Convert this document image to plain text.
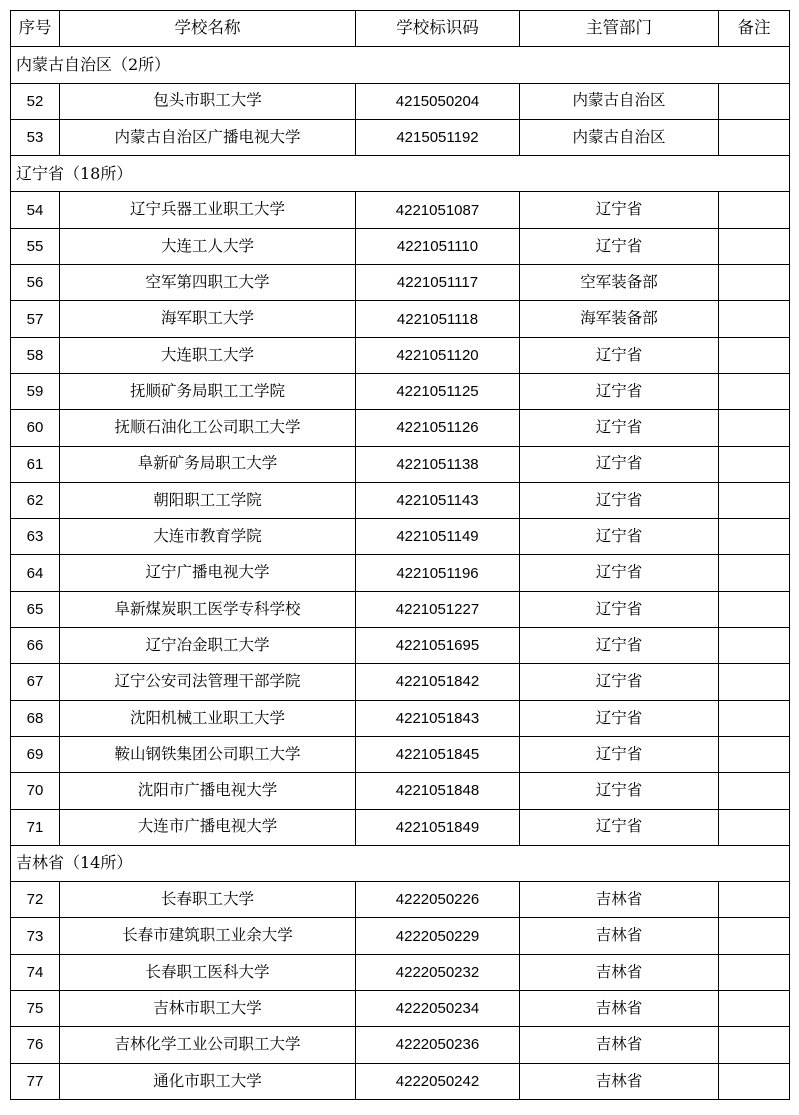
序号	学校名称	学校标识码	主管部门	备注
内蒙古自治区（2所）				
52	包头市职工大学	4215050204	内蒙古自治区	
53	内蒙古自治区广播电视大学	4215051192	内蒙古自治区	
辽宁省（18所）				
54	辽宁兵器工业职工大学	4221051087	辽宁省	
55	大连工人大学	4221051110	辽宁省	
56	空军第四职工大学	4221051117	空军装备部	
57	海军职工大学	4221051118	海军装备部	
58	大连职工大学	4221051120	辽宁省	
59	抚顺矿务局职工工学院	4221051125	辽宁省	
60	抚顺石油化工公司职工大学	4221051126	辽宁省	
61	阜新矿务局职工大学	4221051138	辽宁省	
62	朝阳职工工学院	4221051143	辽宁省	
63	大连市教育学院	4221051149	辽宁省	
64	辽宁广播电视大学	4221051196	辽宁省	
65	阜新煤炭职工医学专科学校	4221051227	辽宁省	
66	辽宁冶金职工大学	4221051695	辽宁省	
67	辽宁公安司法管理干部学院	4221051842	辽宁省	
68	沈阳机械工业职工大学	4221051843	辽宁省	
69	鞍山钢铁集团公司职工大学	4221051845	辽宁省	
70	沈阳市广播电视大学	4221051848	辽宁省	
71	大连市广播电视大学	4221051849	辽宁省	
吉林省（14所）				
72	长春职工大学	4222050226	吉林省	
73	长春市建筑职工业余大学	4222050229	吉林省	
74	长春职工医科大学	4222050232	吉林省	
75	吉林市职工大学	4222050234	吉林省	
76	吉林化学工业公司职工大学	4222050236	吉林省	
77	通化市职工大学	4222050242	吉林省	
